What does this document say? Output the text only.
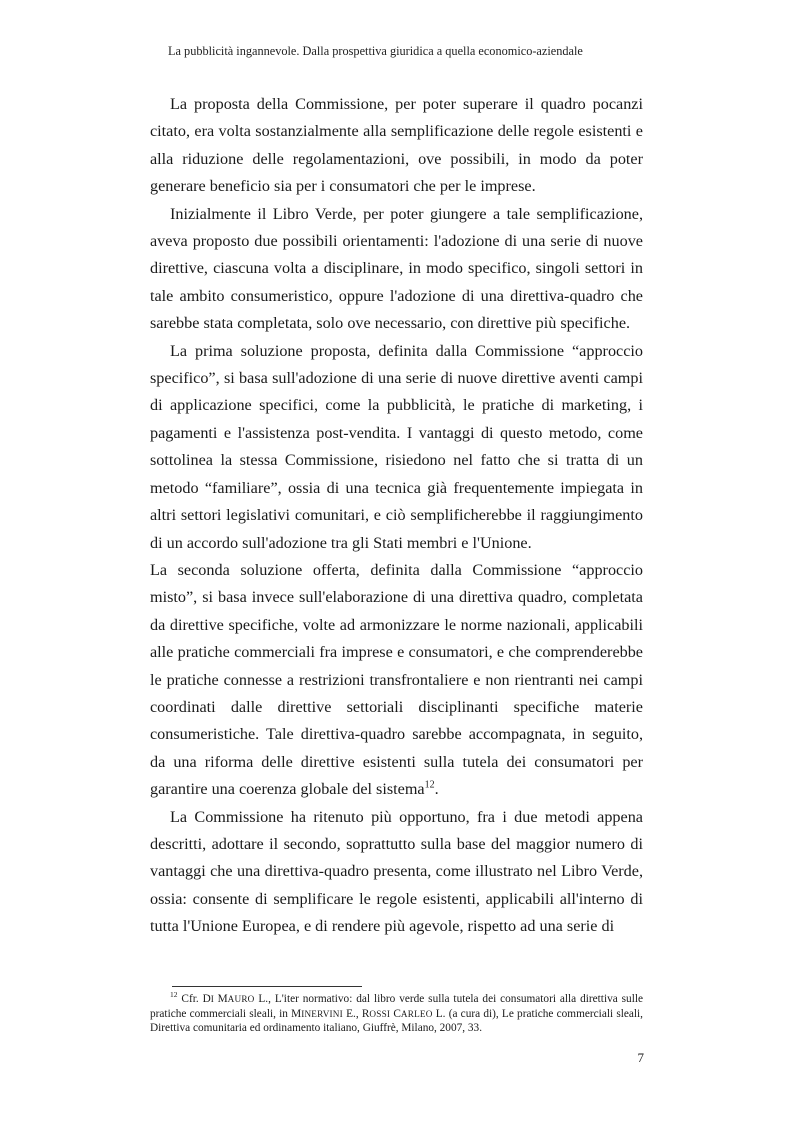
La pubblicità ingannevole. Dalla prospettiva giuridica a quella economico-aziendale

La proposta della Commissione, per poter superare il quadro pocanzi citato, era volta sostanzialmente alla semplificazione delle regole esistenti e alla riduzione delle regolamentazioni, ove possibili, in modo da poter generare beneficio sia per i consumatori che per le imprese.

Inizialmente il Libro Verde, per poter giungere a tale semplificazione, aveva proposto due possibili orientamenti: l'adozione di una serie di nuove direttive, ciascuna volta a disciplinare, in modo specifico, singoli settori in tale ambito consumeristico, oppure l'adozione di una direttiva-quadro che sarebbe stata completata, solo ove necessario, con direttive più specifiche.

La prima soluzione proposta, definita dalla Commissione “approccio specifico”, si basa sull'adozione di una serie di nuove direttive aventi campi di applicazione specifici, come la pubblicità, le pratiche di marketing, i pagamenti e l'assistenza post-vendita. I vantaggi di questo metodo, come sottolinea la stessa Commissione, risiedono nel fatto che si tratta di un metodo “familiare”, ossia di una tecnica già frequentemente impiegata in altri settori legislativi comunitari, e ciò semplificherebbe il raggiungimento di un accordo sull'adozione tra gli Stati membri e l'Unione.

La seconda soluzione offerta, definita dalla Commissione “approccio misto”, si basa invece sull'elaborazione di una direttiva quadro, completata da direttive specifiche, volte ad armonizzare le norme nazionali, applicabili alle pratiche commerciali fra imprese e consumatori, e che comprenderebbe le pratiche connesse a restrizioni transfrontaliere e non rientranti nei campi coordinati dalle direttive settoriali disciplinanti specifiche materie consumeristiche. Tale direttiva-quadro sarebbe accompagnata, in seguito, da una riforma delle direttive esistenti sulla tutela dei consumatori per garantire una coerenza globale del sistema$^{12}$.

La Commissione ha ritenuto più opportuno, fra i due metodi appena descritti, adottare il secondo, soprattutto sulla base del maggior numero di vantaggi che una direttiva-quadro presenta, come illustrato nel Libro Verde, ossia: consente di semplificare le regole esistenti, applicabili all'interno di tutta l'Unione Europea, e di rendere più agevole, rispetto ad una serie di

$^{12}$ Cfr. DI MAURO L., L'iter normativo: dal libro verde sulla tutela dei consumatori alla direttiva sulle pratiche commerciali sleali, in MINERVINI E., ROSSI CARLEO L. (a cura di), Le pratiche commerciali sleali, Direttiva comunitaria ed ordinamento italiano, Giuffrè, Milano, 2007, 33.
7
